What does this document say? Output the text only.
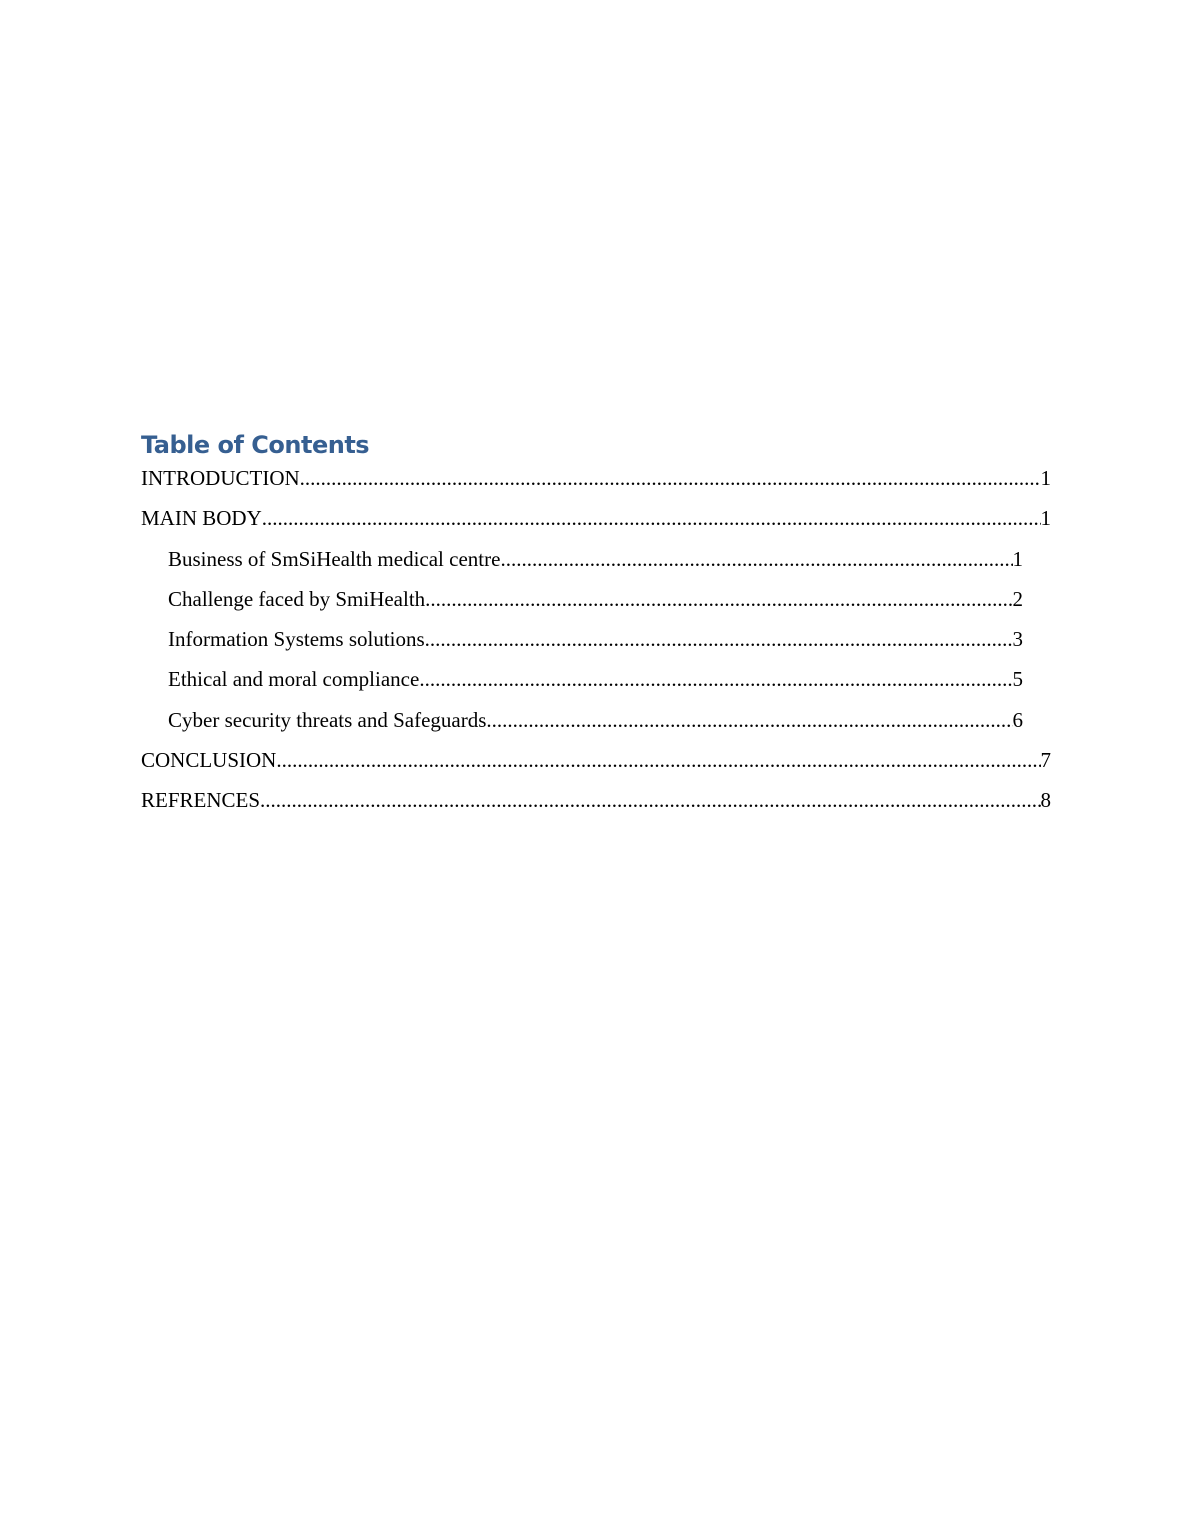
Table of Contents
INTRODUCTION .....	1
MAIN BODY .....	1
Business of SmSiHealth medical centre .....	1
Challenge faced by SmiHealth .....	2
Information Systems solutions .....	3
Ethical and moral compliance .....	5
Cyber security threats and Safeguards .....	6
CONCLUSION .....	7
REFRENCES .....	8
